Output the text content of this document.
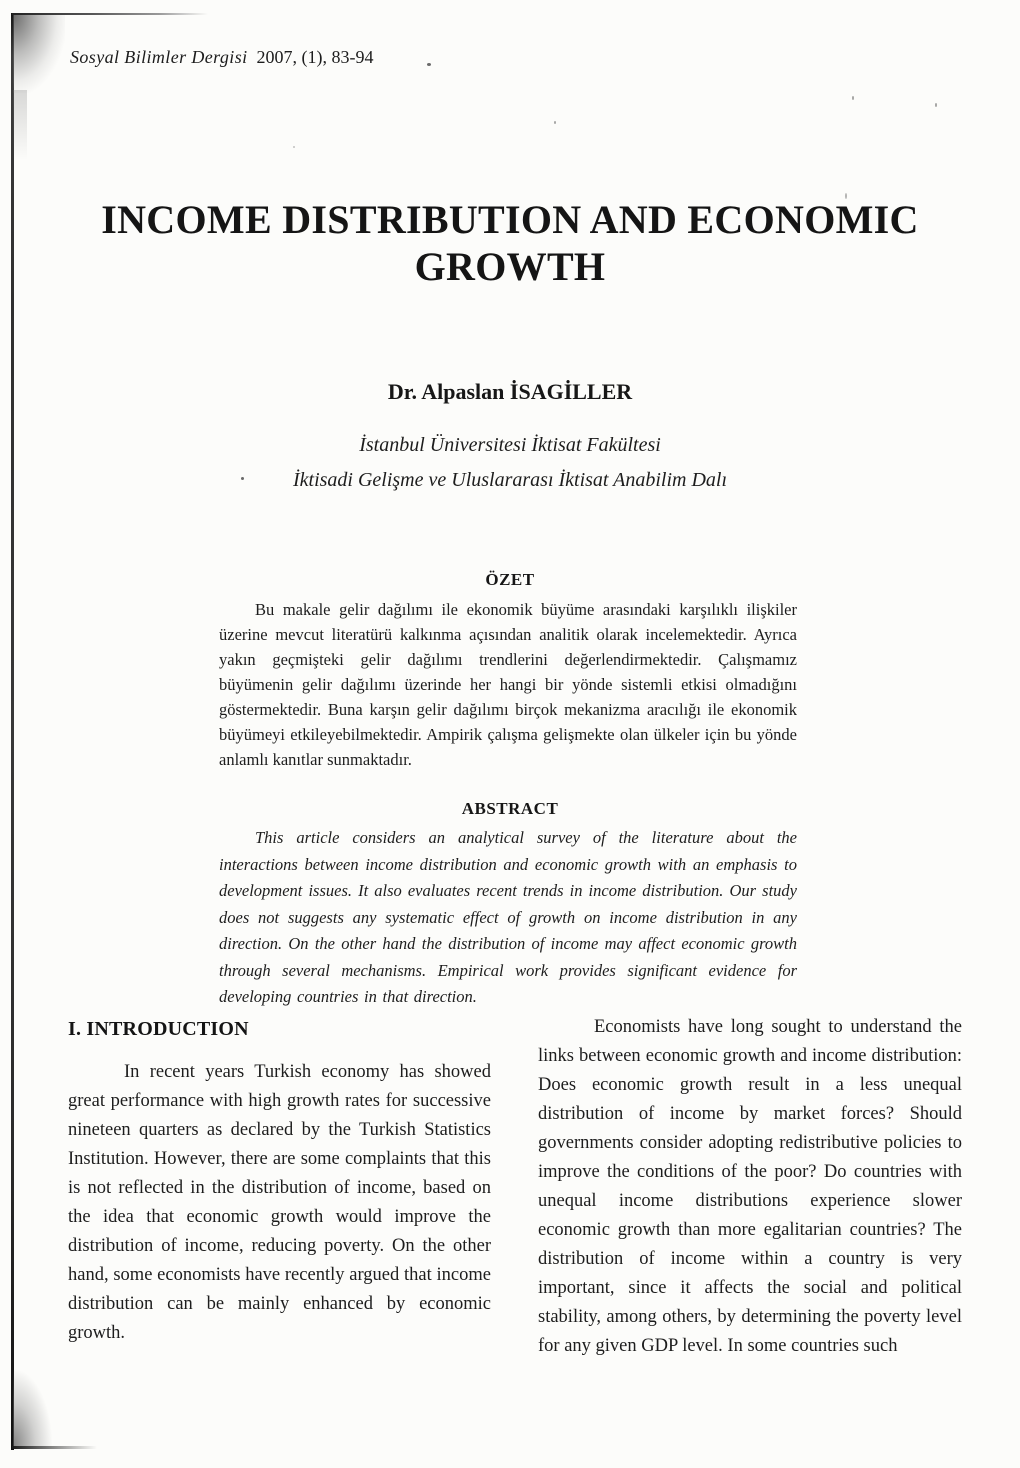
Sosyal Bilimler Dergisi 2007, (1), 83-94
INCOME DISTRIBUTION AND ECONOMIC
GROWTH
Dr. Alpaslan İSAGİLLER
İstanbul Üniversitesi İktisat Fakültesi
İktisadi Gelişme ve Uluslararası İktisat Anabilim Dalı
ÖZET

Bu makale gelir dağılımı ile ekonomik büyüme arasındaki karşılıklı ilişkiler üzerine mevcut literatürü kalkınma açısından analitik olarak incelemektedir. Ayrıca yakın geçmişteki gelir dağılımı trendlerini değerlendirmektedir. Çalışmamız büyümenin gelir dağılımı üzerinde her hangi bir yönde sistemli etkisi olmadığını göstermektedir. Buna karşın gelir dağılımı birçok mekanizma aracılığı ile ekonomik büyümeyi etkileyebilmektedir. Ampirik çalışma gelişmekte olan ülkeler için bu yönde anlamlı kanıtlar sunmaktadır.

ABSTRACT

This article considers an analytical survey of the literature about the interactions between income distribution and economic growth with an emphasis to development issues. It also evaluates recent trends in income distribution. Our study does not suggests any systematic effect of growth on income distribution in any direction. On the other hand the distribution of income may affect economic growth through several mechanisms. Empirical work provides significant evidence for developing countries in that direction.

I. INTRODUCTION

In recent years Turkish economy has showed great performance with high growth rates for successive nineteen quarters as declared by the Turkish Statistics Institution. However, there are some complaints that this is not reflected in the distribution of income, based on the idea that economic growth would improve the distribution of income, reducing poverty. On the other hand, some economists have recently argued that income distribution can be mainly enhanced by economic growth.

Economists have long sought to understand the links between economic growth and income distribution: Does economic growth result in a less unequal distribution of income by market forces? Should governments consider adopting redistributive policies to improve the conditions of the poor? Do countries with unequal income distributions experience slower economic growth than more egalitarian countries? The distribution of income within a country is very important, since it affects the social and political stability, among others, by determining the poverty level for any given GDP level. In some countries such
